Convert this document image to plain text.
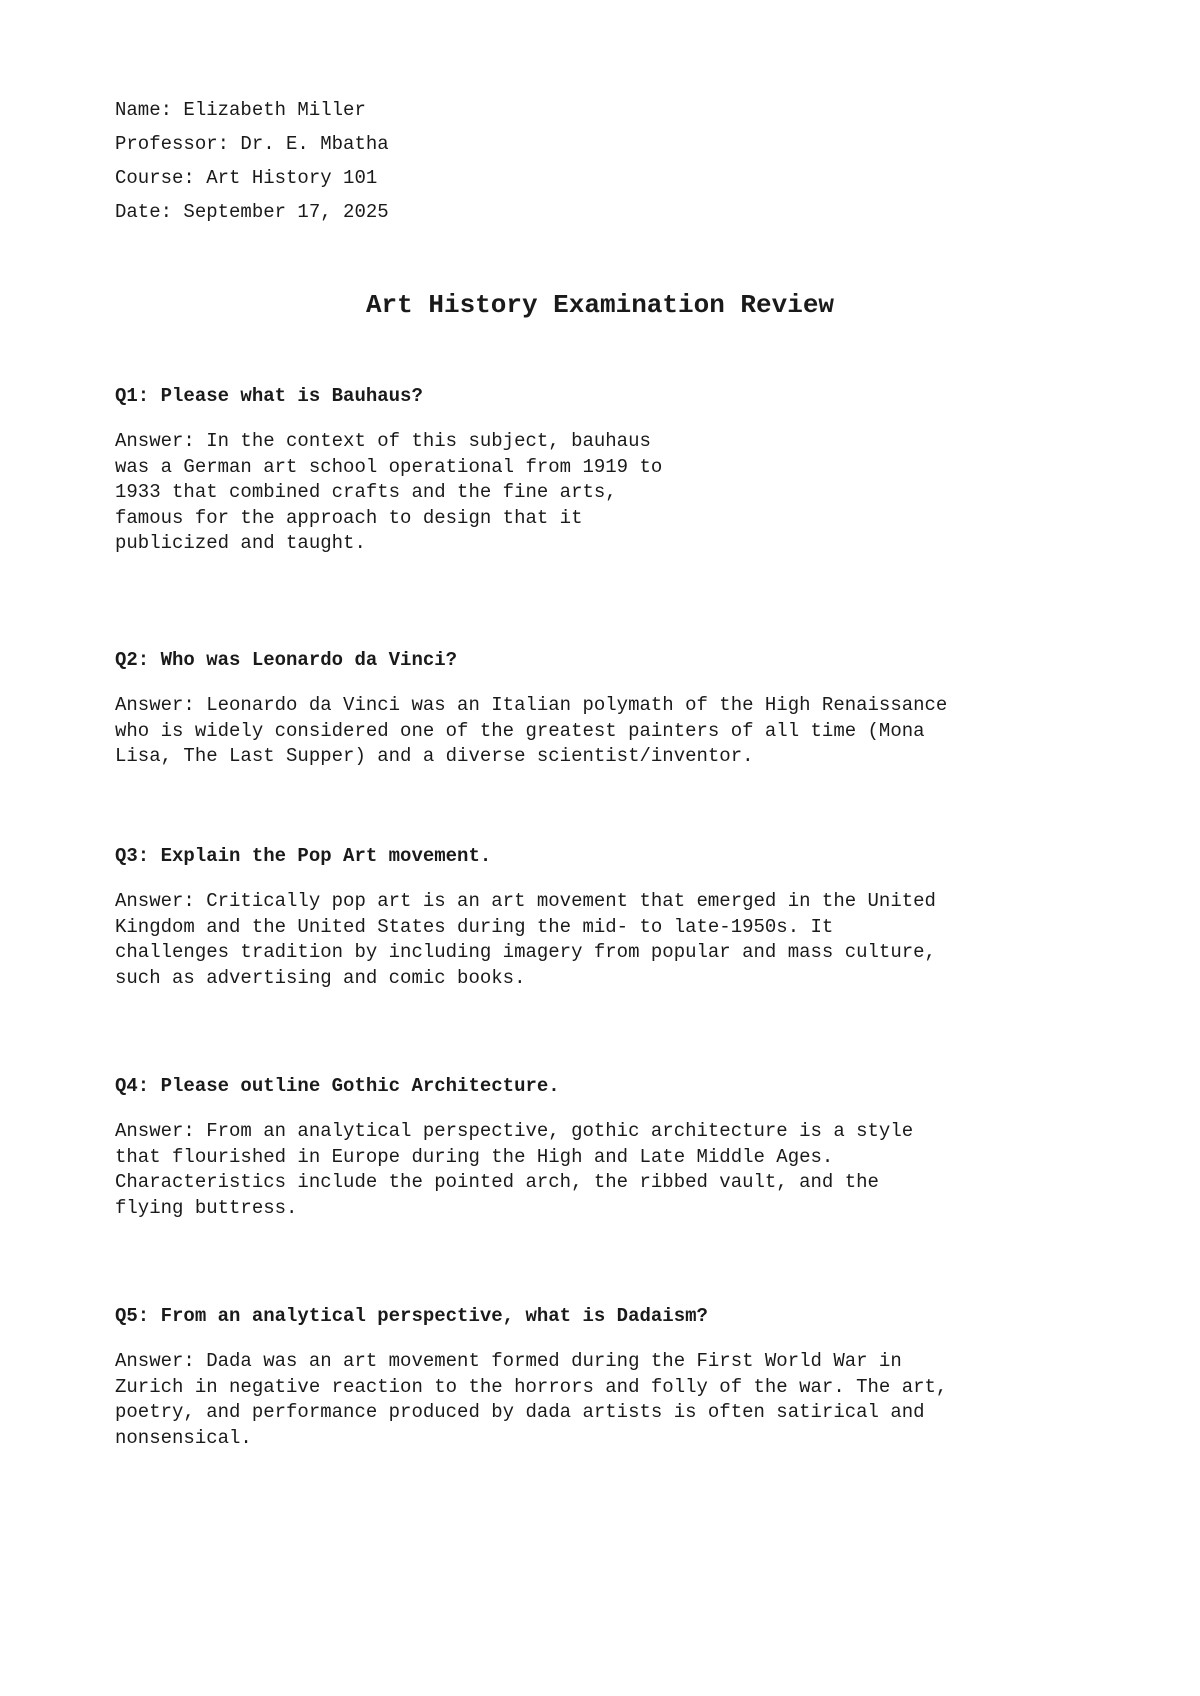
Name: Elizabeth Miller
Professor: Dr. E. Mbatha
Course: Art History 101
Date: September 17, 2025
Art History Examination Review
Q1: Please what is Bauhaus?
Answer: In the context of this subject, bauhaus
was a German art school operational from 1919 to
1933 that combined crafts and the fine arts,
famous for the approach to design that it
publicized and taught.
Q2: Who was Leonardo da Vinci?
Answer: Leonardo da Vinci was an Italian polymath of the High Renaissance
who is widely considered one of the greatest painters of all time (Mona
Lisa, The Last Supper) and a diverse scientist/inventor.
Q3: Explain the Pop Art movement.
Answer: Critically pop art is an art movement that emerged in the United
Kingdom and the United States during the mid- to late-1950s. It
challenges tradition by including imagery from popular and mass culture,
such as advertising and comic books.
Q4: Please outline Gothic Architecture.
Answer: From an analytical perspective, gothic architecture is a style
that flourished in Europe during the High and Late Middle Ages.
Characteristics include the pointed arch, the ribbed vault, and the
flying buttress.
Q5: From an analytical perspective, what is Dadaism?
Answer: Dada was an art movement formed during the First World War in
Zurich in negative reaction to the horrors and folly of the war. The art,
poetry, and performance produced by dada artists is often satirical and
nonsensical.
